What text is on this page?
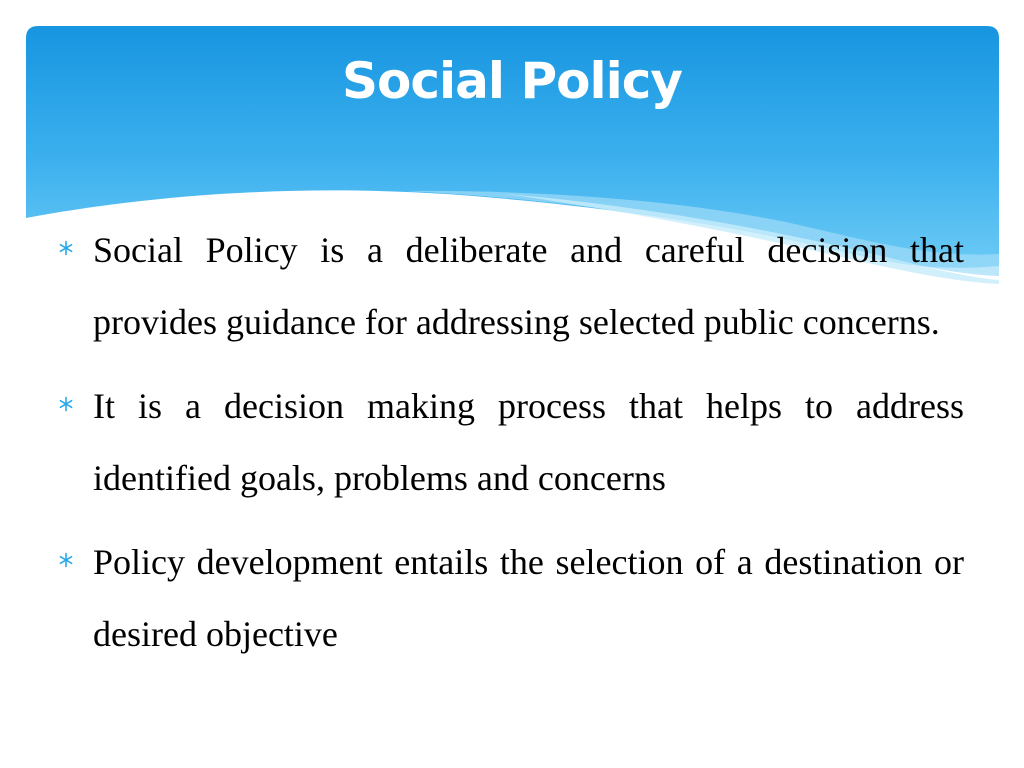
Social Policy
Social Policy is a deliberate and careful decision that provides guidance for addressing selected public concerns.
It is a decision making process that helps to address identified goals, problems and concerns
Policy development entails the selection of a destination or desired objective
